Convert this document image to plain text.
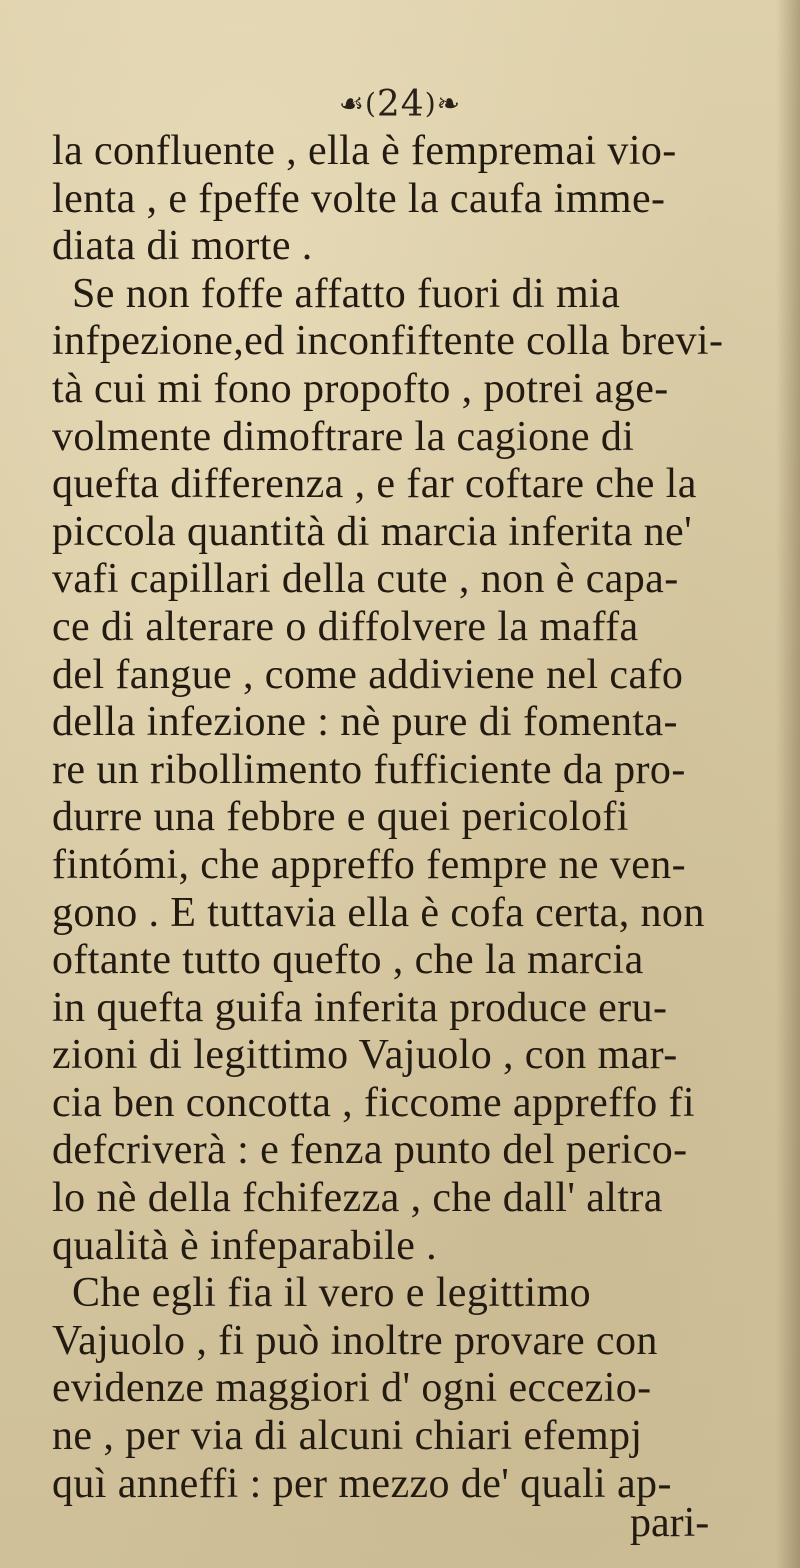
☙(24)❧
la confluente , ella è fempremai vio-
lenta , e fpeffe volte la caufa imme-
diata di morte .
Se non foffe affatto fuori di mia
infpezione,ed inconfiftente colla brevi-
tà cui mi fono propofto , potrei age-
volmente dimoftrare la cagione di
quefta differenza , e far coftare che la
piccola quantità di marcia inferita ne'
vafi capillari della cute , non è capa-
ce di alterare o diffolvere la maffa
del fangue , come addiviene nel cafo
della infezione : nè pure di fomenta-
re un ribollimento fufficiente da pro-
durre una febbre e quei pericolofi
fintómi, che appreffo fempre ne ven-
gono . E tuttavia ella è cofa certa, non
oftante tutto quefto , che la marcia
in quefta guifa inferita produce eru-
zioni di legittimo Vajuolo , con mar-
cia ben concotta , ficcome appreffo fi
defcriverà : e fenza punto del perico-
lo nè della fchifezza , che dall' altra
qualità è infeparabile .
Che egli fia il vero e legittimo
Vajuolo , fi può inoltre provare con
evidenze maggiori d' ogni eccezio-
ne , per via di alcuni chiari efempj
quì anneffi : per mezzo de' quali ap-
pari-
